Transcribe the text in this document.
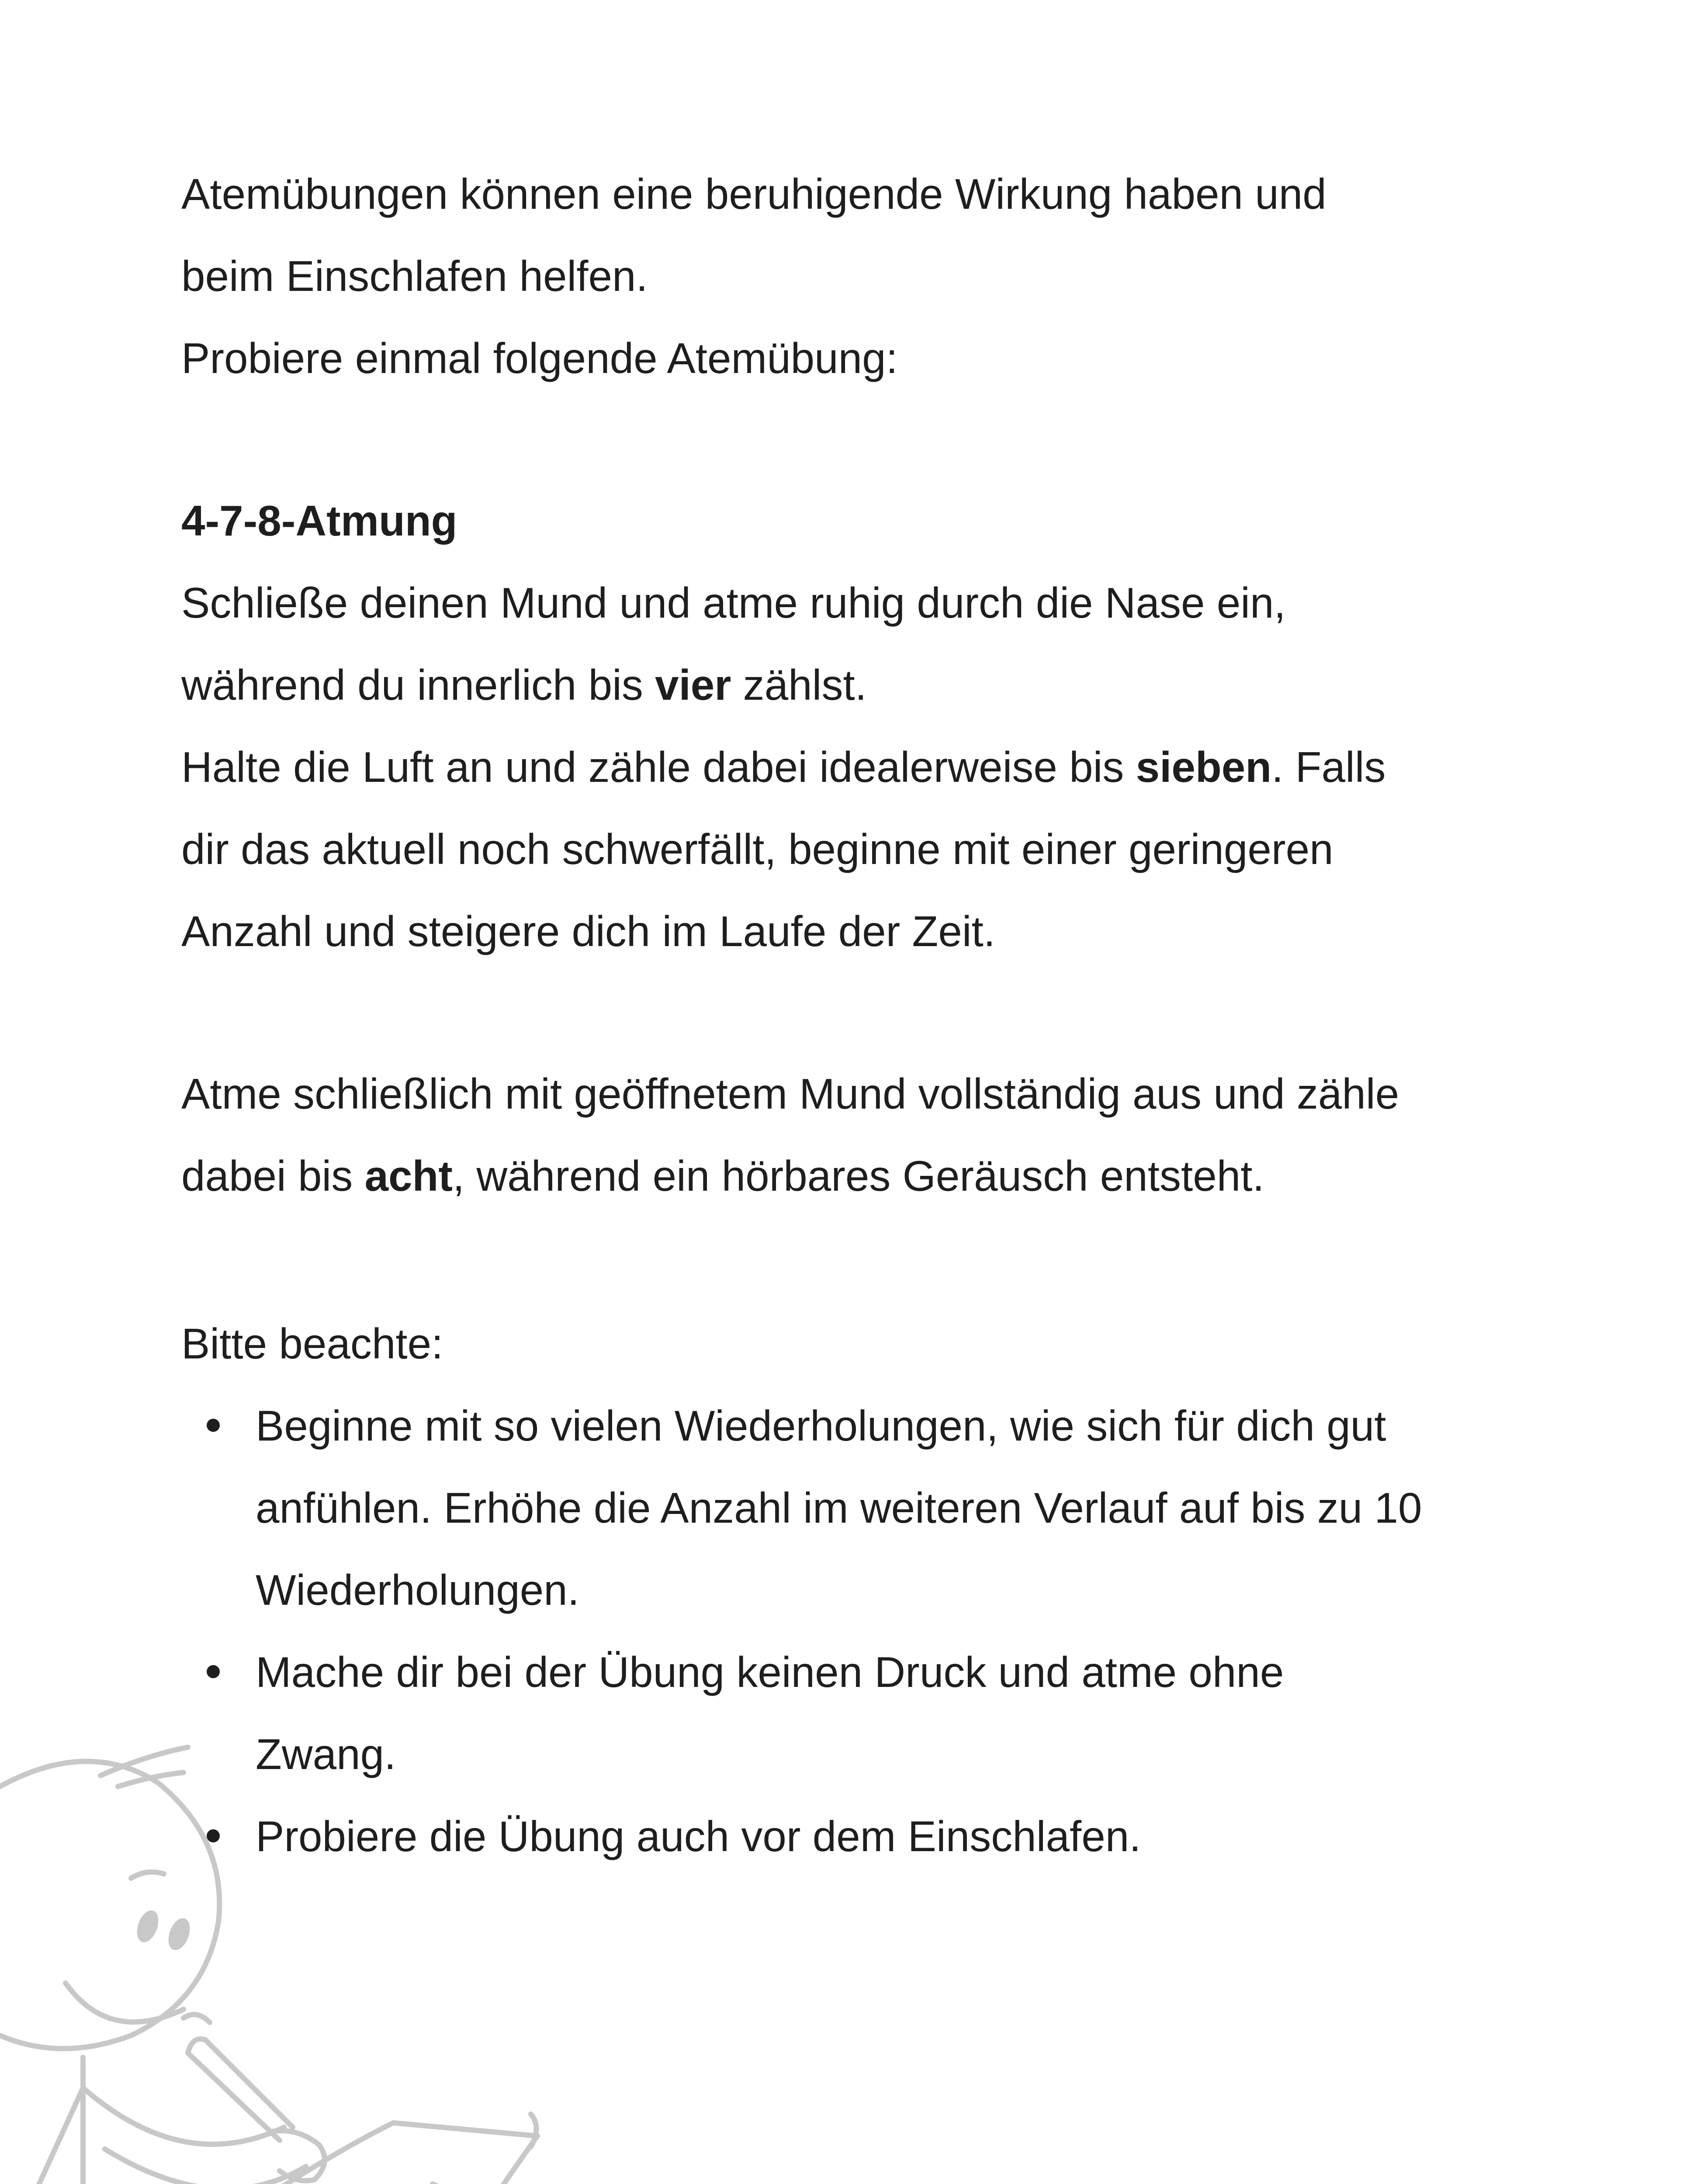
Atemübungen können eine beruhigende Wirkung haben und
beim Einschlafen helfen.
Probiere einmal folgende Atemübung:
4-7-8-Atmung
Schließe deinen Mund und atme ruhig durch die Nase ein,
während du innerlich bis vier zählst.
Halte die Luft an und zähle dabei idealerweise bis sieben. Falls
dir das aktuell noch schwerfällt, beginne mit einer geringeren
Anzahl und steigere dich im Laufe der Zeit.
Atme schließlich mit geöffnetem Mund vollständig aus und zähle
dabei bis acht, während ein hörbares Geräusch entsteht.
Bitte beachte:
Beginne mit so vielen Wiederholungen, wie sich für dich gut
anfühlen. Erhöhe die Anzahl im weiteren Verlauf auf bis zu 10
Wiederholungen.
Mache dir bei der Übung keinen Druck und atme ohne
Zwang.
Probiere die Übung auch vor dem Einschlafen.
